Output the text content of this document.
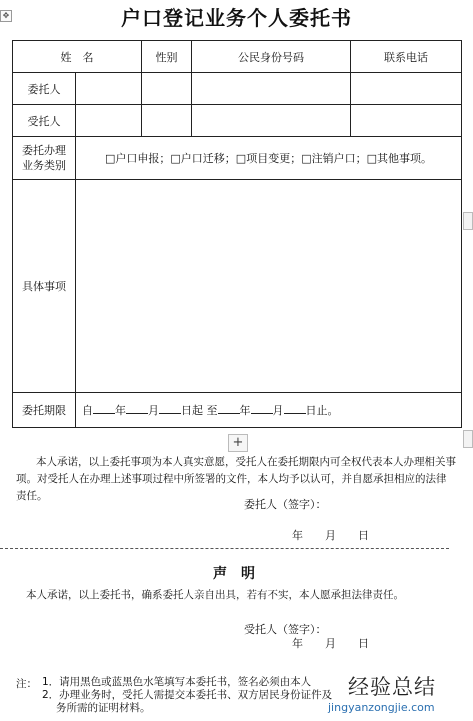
✥	户口登记业务个人委托书
姓　名		性别	公民身份号码	联系电话
委托人				
受托人				
委托办理业务类别	□户口申报；□户口迁移；□项目变更；□注销户口；□其他事项。			
具体事项				
委托期限	自 年 月 日起 至 年 月 日止。			
+
本人承诺，以上委托事项为本人真实意愿，受托人在委托期限内可全权代表本人办理相关事项。对受托人在办理上述事项过程中所签署的文件，本人均予以认可，并自愿承担相应的法律责任。
委托人（签字）：
年　　月　　日
声　明
本人承诺，以上委托书，确系委托人亲自出具，若有不实，本人愿承担法律责任。
受托人（签字）：
年　　月　　日
注： 1．请用黑色或蓝黑色水笔填写本委托书，签名必须由本人
2．办理业务时，受托人需提交本委托书、双方居民身份证件及
务所需的证明材料。
经验总结
jingyanzongjie.com
